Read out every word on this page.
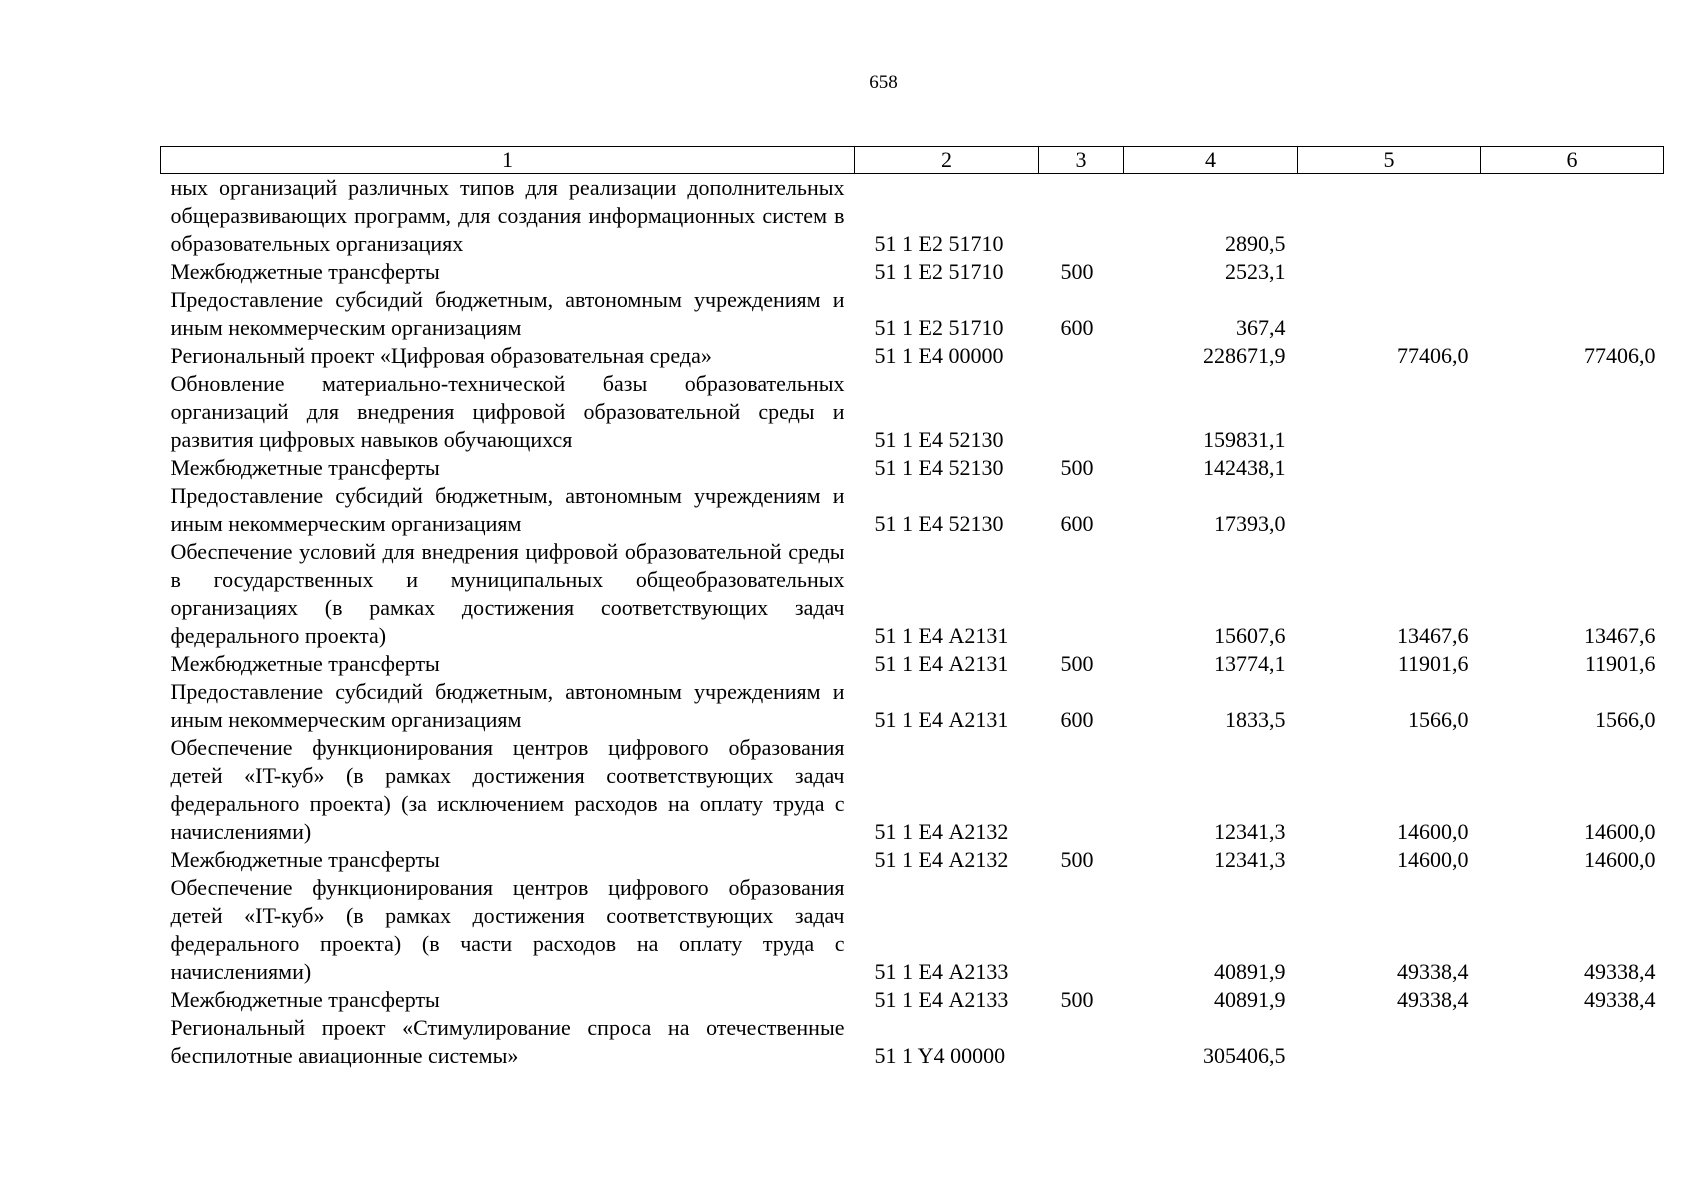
658
1	2	3	4	5	6
ных организаций различных типов для реализации дополнительных общеразвивающих программ, для создания информационных систем в образовательных организациях	51 1 Е2 51710		2890,5		
Межбюджетные трансферты	51 1 Е2 51710	500	2523,1		
Предоставление субсидий бюджетным, автономным учреждениям и иным некоммерческим организациям	51 1 Е2 51710	600	367,4		
Региональный проект «Цифровая образовательная среда»	51 1 Е4 00000		228671,9	77406,0	77406,0
Обновление материально-технической базы образовательных организаций для внедрения цифровой образовательной среды и развития цифровых навыков обучающихся	51 1 Е4 52130		159831,1		
Межбюджетные трансферты	51 1 Е4 52130	500	142438,1		
Предоставление субсидий бюджетным, автономным учреждениям и иным некоммерческим организациям	51 1 Е4 52130	600	17393,0		
Обеспечение условий для внедрения цифровой образовательной среды в государственных и муниципальных общеобразовательных организациях (в рамках достижения соответствующих задач федерального проекта)	51 1 Е4 А2131		15607,6	13467,6	13467,6
Межбюджетные трансферты	51 1 Е4 А2131	500	13774,1	11901,6	11901,6
Предоставление субсидий бюджетным, автономным учреждениям и иным некоммерческим организациям	51 1 Е4 А2131	600	1833,5	1566,0	1566,0
Обеспечение функционирования центров цифрового образования детей «IT-куб» (в рамках достижения соответствующих задач федерального проекта) (за исключением расходов на оплату труда с начислениями)	51 1 Е4 А2132		12341,3	14600,0	14600,0
Межбюджетные трансферты	51 1 Е4 А2132	500	12341,3	14600,0	14600,0
Обеспечение функционирования центров цифрового образования детей «IT-куб» (в рамках достижения соответствующих задач федерального проекта) (в части расходов на оплату труда с начислениями)	51 1 Е4 А2133		40891,9	49338,4	49338,4
Межбюджетные трансферты	51 1 Е4 А2133	500	40891,9	49338,4	49338,4
Региональный проект «Стимулирование спроса на отечественные беспилотные авиационные системы»	51 1 Y4 00000		305406,5		
